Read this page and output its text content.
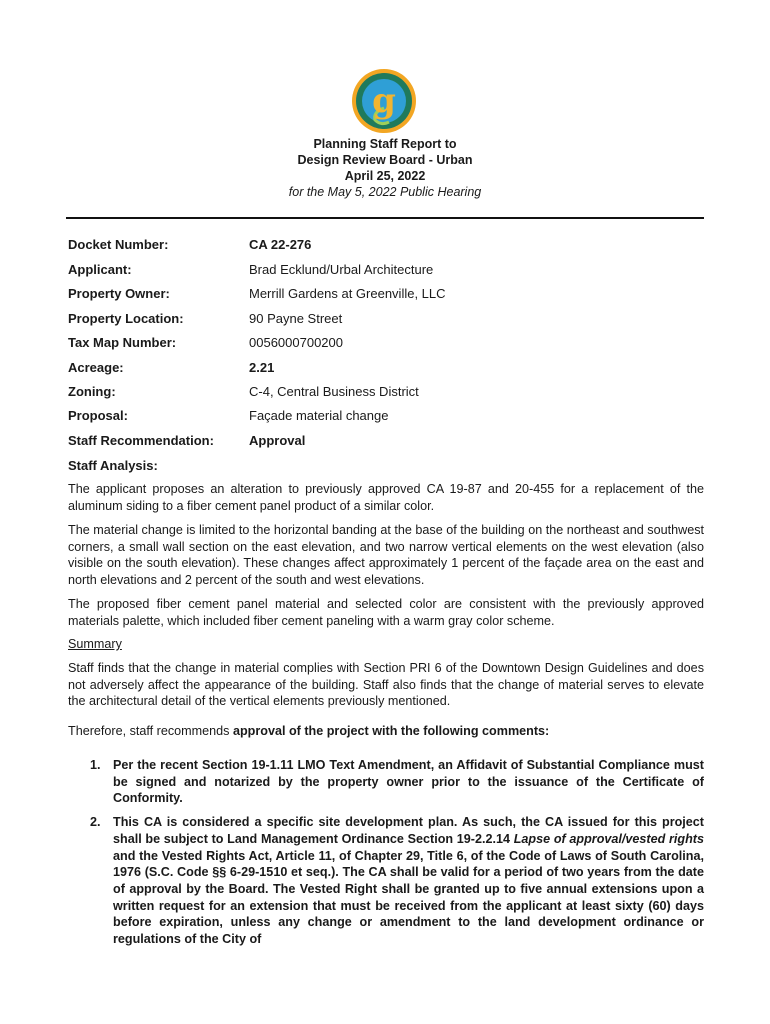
g
Planning Staff Report to
Design Review Board - Urban
April 25, 2022
for the May 5, 2022 Public Hearing
Docket Number:	CA 22-276
Applicant:	Brad Ecklund/Urbal Architecture
Property Owner:	Merrill Gardens at Greenville, LLC
Property Location:	90 Payne Street
Tax Map Number:	0056000700200
Acreage:	2.21
Zoning:	C-4, Central Business District
Proposal:	Façade material change
Staff Recommendation:	Approval
Staff Analysis:
The applicant proposes an alteration to previously approved CA 19-87 and 20-455 for a replacement of the aluminum siding to a fiber cement panel product of a similar color.
The material change is limited to the horizontal banding at the base of the building on the northeast and southwest corners, a small wall section on the east elevation, and two narrow vertical elements on the west elevation (also visible on the south elevation). These changes affect approximately 1 percent of the façade area on the east and north elevations and 2 percent of the south and west elevations.
The proposed fiber cement panel material and selected color are consistent with the previously approved materials palette, which included fiber cement paneling with a warm gray color scheme.
Summary
Staff finds that the change in material complies with Section PRI 6 of the Downtown Design Guidelines and does not adversely affect the appearance of the building. Staff also finds that the change of material serves to elevate the architectural detail of the vertical elements previously mentioned.
Therefore, staff recommends approval of the project with the following comments:
1. Per the recent Section 19-1.11 LMO Text Amendment, an Affidavit of Substantial Compliance must be signed and notarized by the property owner prior to the issuance of the Certificate of Conformity.
2. This CA is considered a specific site development plan. As such, the CA issued for this project shall be subject to Land Management Ordinance Section 19-2.2.14 Lapse of approval/vested rights and the Vested Rights Act, Article 11, of Chapter 29, Title 6, of the Code of Laws of South Carolina, 1976 (S.C. Code §§ 6-29-1510 et seq.). The CA shall be valid for a period of two years from the date of approval by the Board. The Vested Right shall be granted up to five annual extensions upon a written request for an extension that must be received from the applicant at least sixty (60) days before expiration, unless any change or amendment to the land development ordinance or regulations of the City of
